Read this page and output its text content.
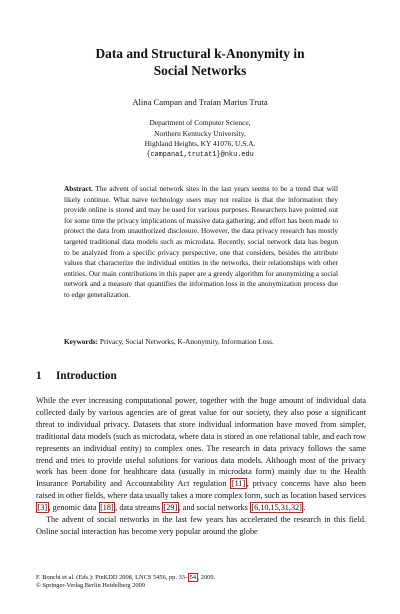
Data and Structural k-Anonymity in
Social Networks
Alina Campan and Traian Marius Truta
Department of Computer Science,
Northern Kentucky University,
Highland Heights, KY 41076, U.S.A.
{campana1,trutat1}@nku.edu

Abstract. The advent of social network sites in the last years seems to be a trend that will likely continue. What naive technology users may not realize is that the information they provide online is stored and may be used for various purposes. Researchers have pointed out for some time the privacy implications of massive data gathering, and effort has been made to protect the data from unauthorized disclosure. However, the data privacy research has mostly targeted traditional data models such as microdata. Recently, social network data has begun to be analyzed from a specific privacy perspective, one that considers, besides the attribute values that characterize the individual entities in the networks, their relationships with other entities. Our main contributions in this paper are a greedy algorithm for anonymizing a social network and a measure that quantifies the information loss in the anonymization process due to edge generalization.

Keywords: Privacy, Social Networks, K-Anonymity, Information Loss.

1 Introduction

While the ever increasing computational power, together with the huge amount of individual data collected daily by various agencies are of great value for our society, they also pose a significant threat to individual privacy. Datasets that store individual information have moved from simpler, traditional data models (such as microdata, where data is stored as one relational table, and each row represents an individual entity) to complex ones. The research in data privacy follows the same trend and tries to provide useful solutions for various data models. Although most of the privacy work has been done for healthcare data (usually in microdata form) mainly due to the Health Insurance Portability and Accountability Act regulation [11] , privacy concerns have also been raised in other fields, where data usually takes a more complex form, such as location based services [3] , genomic data [18] , data streams [29] , and social networks [6,10,15,31,32] .

The advent of social networks in the last few years has accelerated the research in this field. Online social interaction has become very popular around the globe

F. Bonchi et al. (Eds.): PinKDD 2008, LNCS 5456, pp. 33– 54 , 2009.
© Springer-Verlag Berlin Heidelberg 2009
